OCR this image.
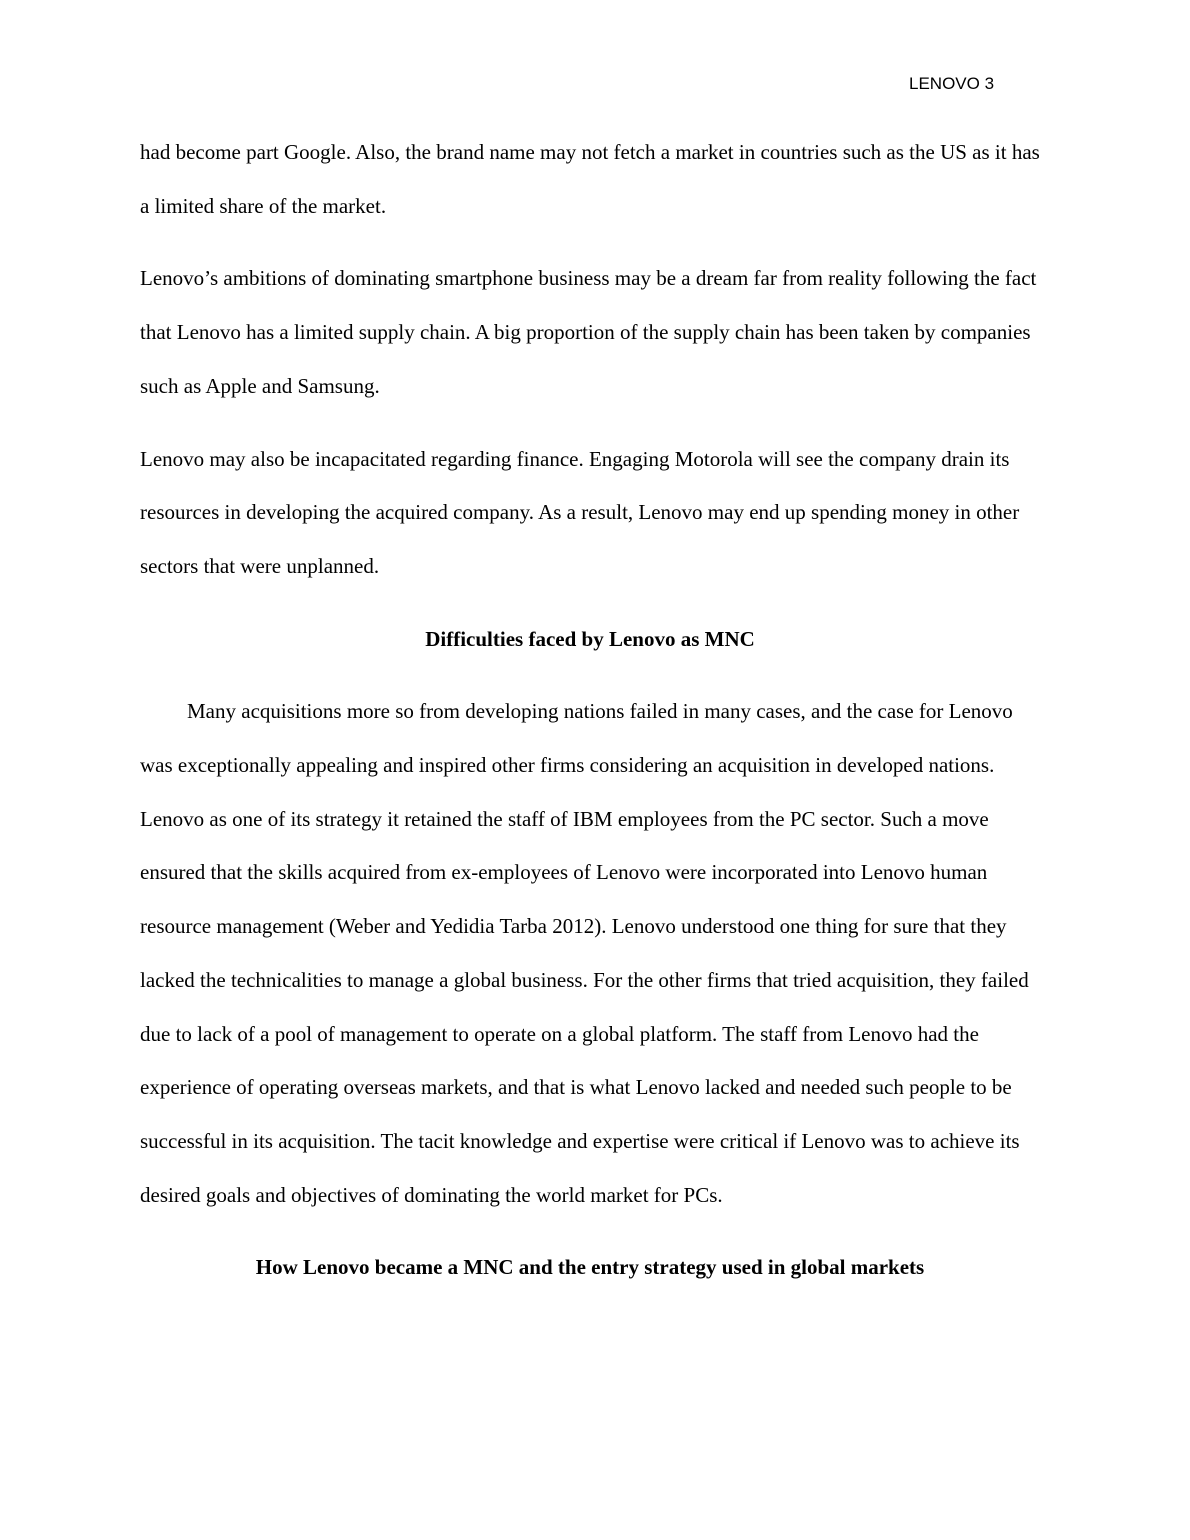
LENOVO 3

had become part Google. Also, the brand name may not fetch a market in countries such as the US as it has a limited share of the market.

Lenovo’s ambitions of dominating smartphone business may be a dream far from reality following the fact that Lenovo has a limited supply chain. A big proportion of the supply chain has been taken by companies such as Apple and Samsung.

Lenovo may also be incapacitated regarding finance. Engaging Motorola will see the company drain its resources in developing the acquired company. As a result, Lenovo may end up spending money in other sectors that were unplanned.

Difficulties faced by Lenovo as MNC

Many acquisitions more so from developing nations failed in many cases, and the case for Lenovo was exceptionally appealing and inspired other firms considering an acquisition in developed nations. Lenovo as one of its strategy it retained the staff of IBM employees from the PC sector. Such a move ensured that the skills acquired from ex-employees of Lenovo were incorporated into Lenovo human resource management (Weber and Yedidia Tarba 2012). Lenovo understood one thing for sure that they lacked the technicalities to manage a global business. For the other firms that tried acquisition, they failed due to lack of a pool of management to operate on a global platform. The staff from Lenovo had the experience of operating overseas markets, and that is what Lenovo lacked and needed such people to be successful in its acquisition. The tacit knowledge and expertise were critical if Lenovo was to achieve its desired goals and objectives of dominating the world market for PCs.

How Lenovo became a MNC and the entry strategy used in global markets
